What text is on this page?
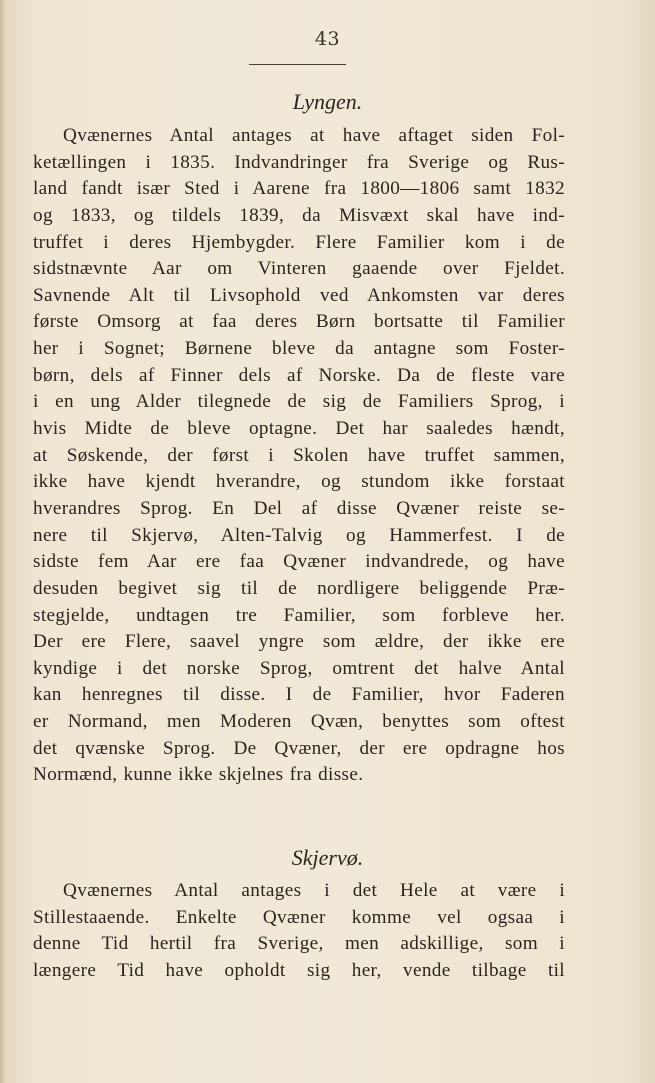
43
Lyngen.
Qvænernes Antal antages at have aftaget siden Fol-
ketællingen i 1835. Indvandringer fra Sverige og Rus-
land fandt især Sted i Aarene fra 1800—1806 samt 1832
og 1833, og tildels 1839, da Misvæxt skal have ind-
truffet i deres Hjembygder. Flere Familier kom i de
sidstnævnte Aar om Vinteren gaaende over Fjeldet.
Savnende Alt til Livsophold ved Ankomsten var deres
første Omsorg at faa deres Børn bortsatte til Familier
her i Sognet; Børnene bleve da antagne som Foster-
børn, dels af Finner dels af Norske. Da de fleste vare
i en ung Alder tilegnede de sig de Familiers Sprog, i
hvis Midte de bleve optagne. Det har saaledes hændt,
at Søskende, der først i Skolen have truffet sammen,
ikke have kjendt hverandre, og stundom ikke forstaat
hverandres Sprog. En Del af disse Qvæner reiste se-
nere til Skjervø, Alten-Talvig og Hammerfest. I de
sidste fem Aar ere faa Qvæner indvandrede, og have
desuden begivet sig til de nordligere beliggende Præ-
stegjelde, undtagen tre Familier, som forbleve her.
Der ere Flere, saavel yngre som ældre, der ikke ere
kyndige i det norske Sprog, omtrent det halve Antal
kan henregnes til disse. I de Familier, hvor Faderen
er Normand, men Moderen Qvæn, benyttes som oftest
det qvænske Sprog. De Qvæner, der ere opdragne hos
Normænd, kunne ikke skjelnes fra disse.
Skjervø.
Qvænernes Antal antages i det Hele at være i
Stillestaaende. Enkelte Qvæner komme vel ogsaa i
denne Tid hertil fra Sverige, men adskillige, som i
længere Tid have opholdt sig her, vende tilbage til
